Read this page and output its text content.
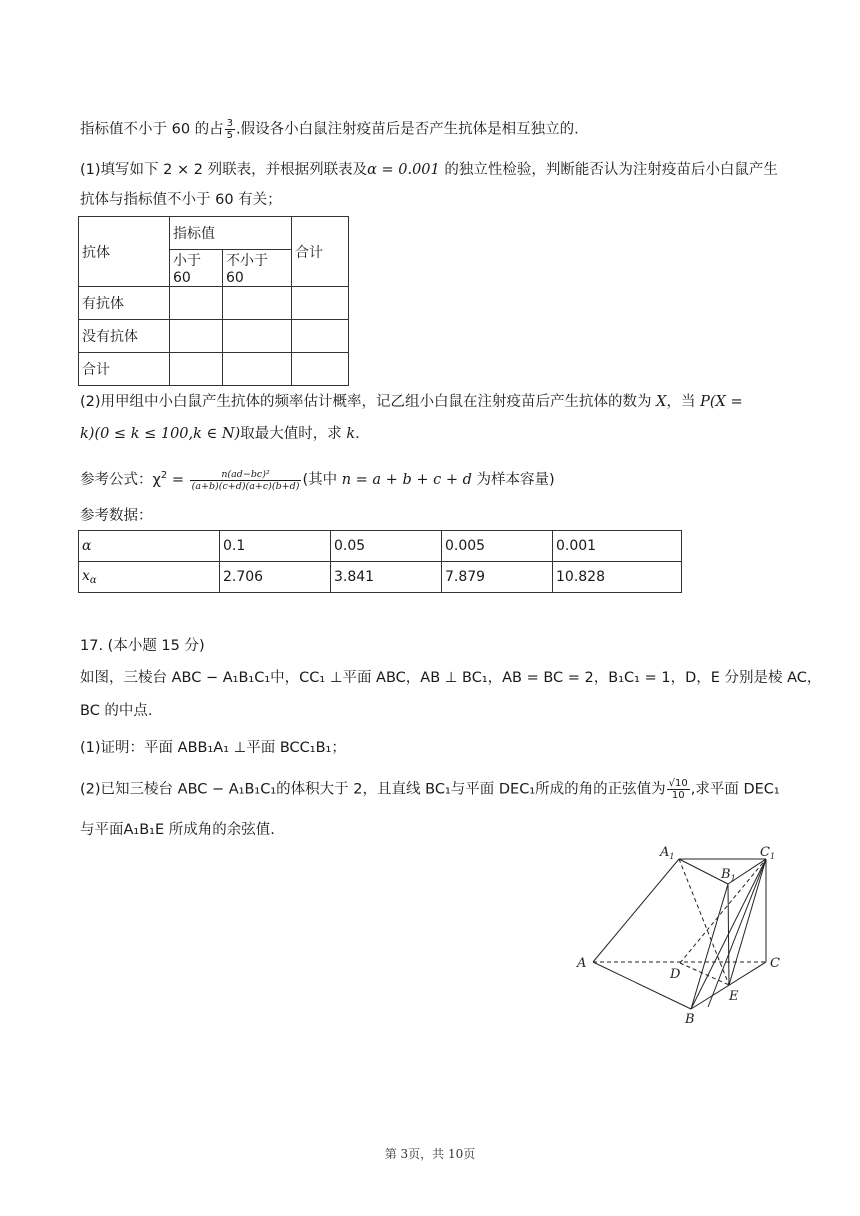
指标值不小于 60 的占 $\frac{3}{5}$ .假设各小白鼠注射疫苗后是否产生抗体是相互独立的.
(1)填写如下 2 × 2 列联表，并根据列联表及α = 0.001 的独立性检验，判断能否认为注射疫苗后小白鼠产生
抗体与指标值不小于 60 有关；
抗体	指标值		合计
	小于 60	不小于 60	
有抗体			
没有抗体			
合计			
(2)用甲组中小白鼠产生抗体的频率估计概率，记乙组小白鼠在注射疫苗后产生抗体的数为 X，当 P(X =
k)(0 ≤ k ≤ 100,k ∈ N)取最大值时，求 k.
参考公式：$\chi^2 = \frac{\text{n(ad−bc)²}}{(a+b)(c+d)(a+c)(b+d)}$ (其中 n = a + b + c + d 为样本容量)
参考数据：
α	0.1	0.05	0.005	0.001
$x_\alpha$	2.706	3.841	7.879	10.828
17. (本小题 15 分)
如图，三棱台 ABC − A₁B₁C₁中，CC₁ ⊥平面 ABC，AB ⊥ BC₁，AB = BC = 2，B₁C₁ = 1，D，E 分别是棱 AC，
BC 的中点.
(1)证明：平面 ABB₁A₁ ⊥平面 BCC₁B₁；
(2)已知三棱台 ABC − A₁B₁C₁的体积大于 2，且直线 BC₁与平面 DEC₁所成的角的正弦值为 $\frac{√10}{10}$ ,求平面 DEC₁
与平面A₁B₁E 所成角的余弦值.
$A_1$
$B_1$
$C_1$
A
B
C
D
E
第 3页，共 10页
